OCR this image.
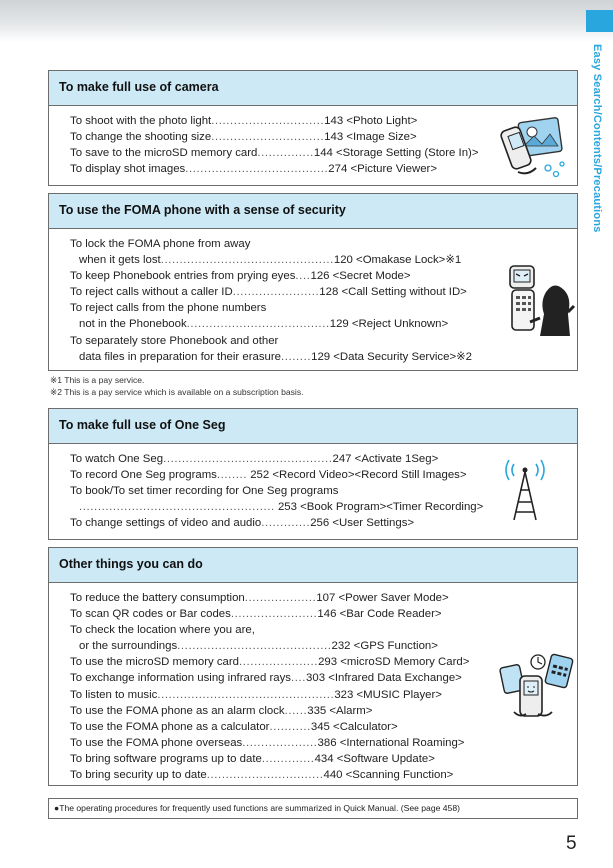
Easy Search/Contents/Precautions
To make full use of camera
To shoot with the photo light..............................143 <Photo Light>
To change the shooting size..............................143 <Image Size>
To save to the microSD memory card...............144 <Storage Setting (Store In)>
To display shot images......................................274 <Picture Viewer>
To use the FOMA phone with a sense of security
To lock the FOMA phone from away
when it gets lost..............................................120 <Omakase Lock>※1
To keep Phonebook entries from prying eyes....126 <Secret Mode>
To reject calls without a caller ID.......................128 <Call Setting without ID>
To reject calls from the phone numbers
not in the Phonebook......................................129 <Reject Unknown>
To separately store Phonebook and other
data files in preparation for their erasure........129 <Data Security Service>※2
※1 This is a pay service.
※2 This is a pay service which is available on a subscription basis.
To make full use of One Seg
To watch One Seg.............................................247 <Activate 1Seg>
To record One Seg programs........ 252 <Record Video><Record Still Images>
To book/To set timer recording for One Seg programs
.................................................... 253 <Book Program><Timer Recording>
To change settings of video and audio.............256 <User Settings>
Other things you can do
To reduce the battery consumption...................107 <Power Saver Mode>
To scan QR codes or Bar codes.......................146 <Bar Code Reader>
To check the location where you are,
or the surroundings.........................................232 <GPS Function>
To use the microSD memory card.....................293 <microSD Memory Card>
To exchange information using infrared rays....303 <Infrared Data Exchange>
To listen to music...............................................323 <MUSIC Player>
To use the FOMA phone as an alarm clock......335 <Alarm>
To use the FOMA phone as a calculator...........345 <Calculator>
To use the FOMA phone overseas....................386 <International Roaming>
To bring software programs up to date..............434 <Software Update>
To bring security up to date...............................440 <Scanning Function>
●The operating procedures for frequently used functions are summarized in Quick Manual. (See page 458)
5
